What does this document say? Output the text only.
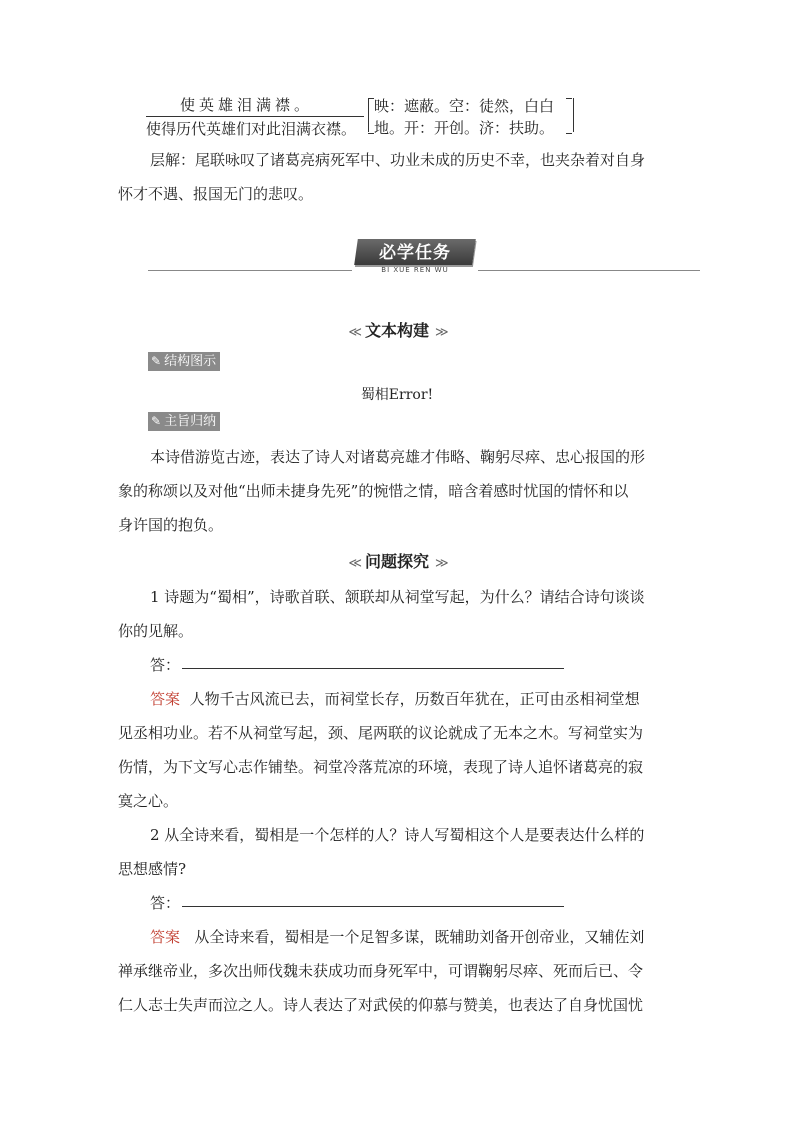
使英雄泪满襟。
使得历代英雄们对此泪满衣襟。
映：遮蔽。空：徒然，白白
地。开：开创。济：扶助。
层解：尾联咏叹了诸葛亮病死军中、功业未成的历史不幸，也夹杂着对自身
怀才不遇、报国无门的悲叹。
必学任务
BI XUE REN WU
≪ 文本构建 ≫
✎ 结构图示
蜀相Error!
✎ 主旨归纳
本诗借游览古迹，表达了诗人对诸葛亮雄才伟略、鞠躬尽瘁、忠心报国的形
象的称颂以及对他“出师未捷身先死”的惋惜之情，暗含着感时忧国的情怀和以
身许国的抱负。
≪ 问题探究 ≫
1 诗题为“蜀相”，诗歌首联、颔联却从祠堂写起，为什么？请结合诗句谈谈
你的见解。
答：
答案 人物千古风流已去，而祠堂长存，历数百年犹在，正可由丞相祠堂想
见丞相功业。若不从祠堂写起，颈、尾两联的议论就成了无本之木。写祠堂实为
伤情，为下文写心志作铺垫。祠堂冷落荒凉的环境，表现了诗人追怀诸葛亮的寂
寞之心。
2 从全诗来看，蜀相是一个怎样的人？诗人写蜀相这个人是要表达什么样的
思想感情?
答：
答案 从全诗来看，蜀相是一个足智多谋，既辅助刘备开创帝业，又辅佐刘
禅承继帝业，多次出师伐魏未获成功而身死军中，可谓鞠躬尽瘁、死而后已、令
仁人志士失声而泣之人。诗人表达了对武侯的仰慕与赞美，也表达了自身忧国忧
